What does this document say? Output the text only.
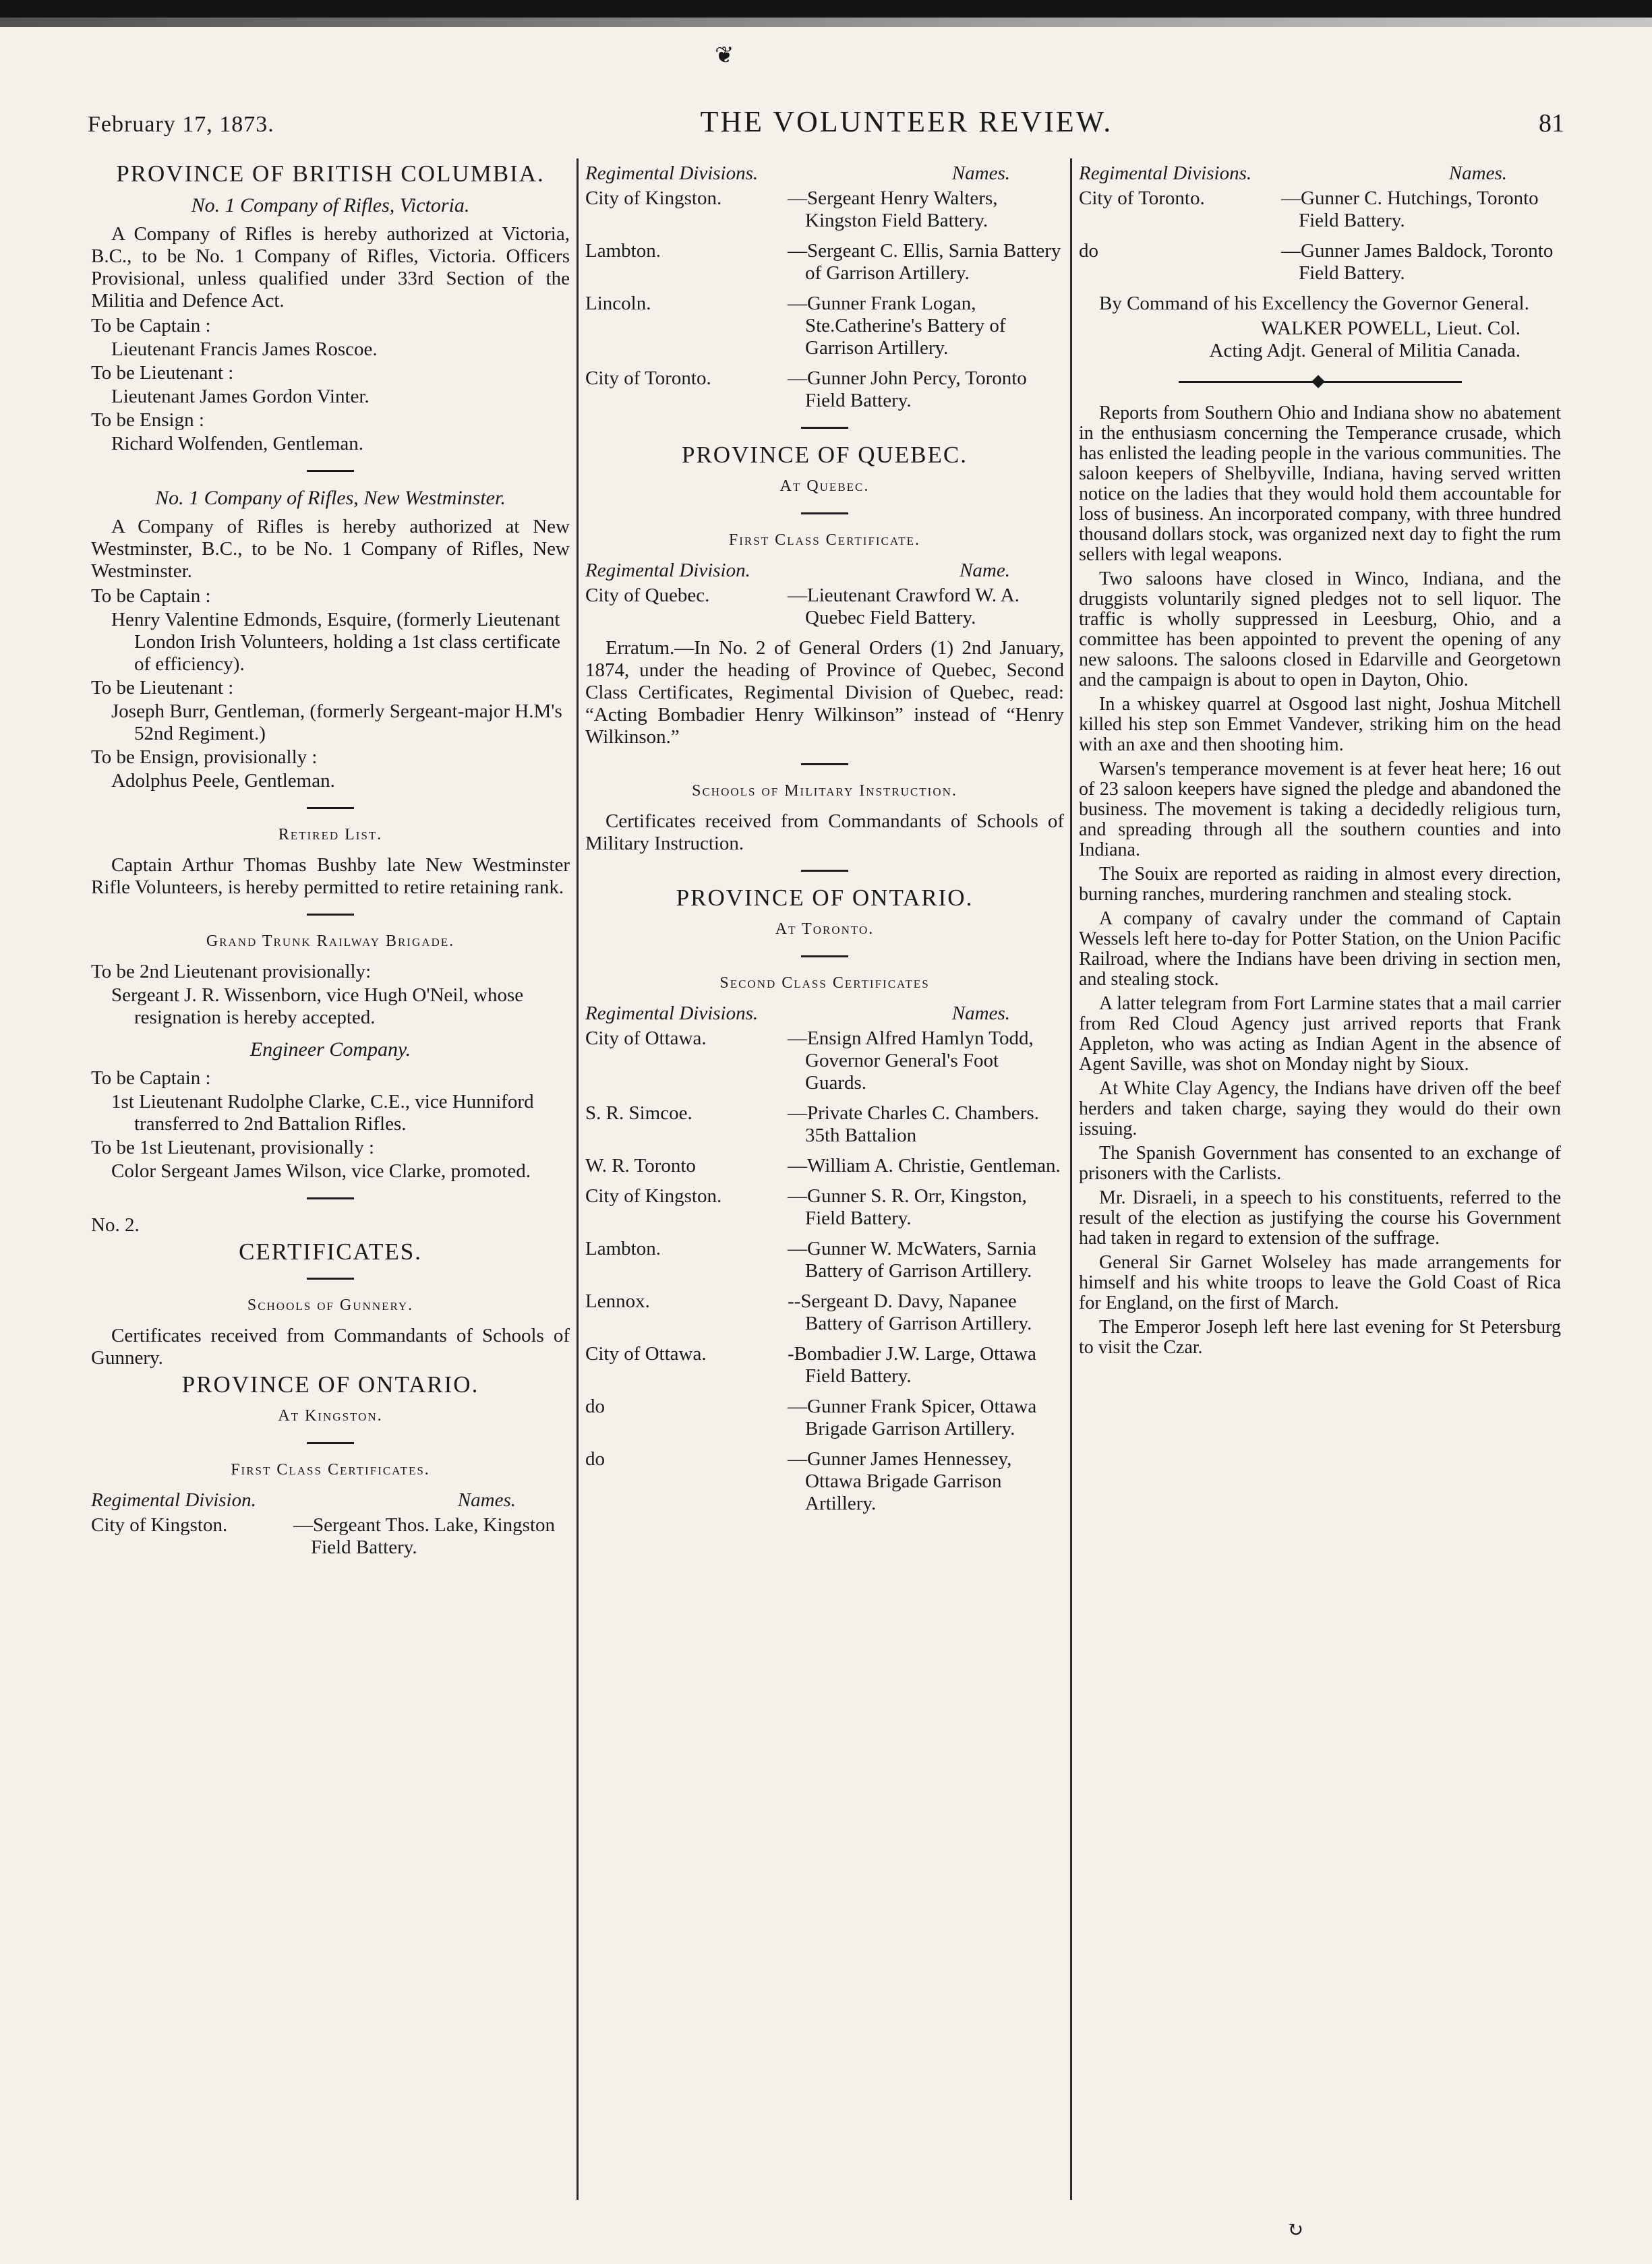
❦
February 17, 1873.	THE VOLUNTEER REVIEW.	81
PROVINCE OF BRITISH COLUMBIA.
No. 1 Company of Rifles, Victoria.
A Company of Rifles is hereby authorized at Victoria, B.C., to be No. 1 Company of Rifles, Victoria. Officers Provisional, unless qualified under 33rd Section of the Militia and Defence Act.
To be Captain :
Lieutenant Francis James Roscoe.
To be Lieutenant :
Lieutenant James Gordon Vinter.
To be Ensign :
Richard Wolfenden, Gentleman.
No. 1 Company of Rifles, New Westminster.
A Company of Rifles is hereby authorized at New Westminster, B.C., to be No. 1 Company of Rifles, New Westminster.
To be Captain :
Henry Valentine Edmonds, Esquire, (formerly Lieutenant London Irish Volunteers, holding a 1st class certificate of efficiency).
To be Lieutenant :
Joseph Burr, Gentleman, (formerly Sergeant-major H.M's 52nd Regiment.)
To be Ensign, provisionally :
Adolphus Peele, Gentleman.
Retired List.
Captain Arthur Thomas Bushby late New Westminster Rifle Volunteers, is hereby permitted to retire retaining rank.
Grand Trunk Railway Brigade.
To be 2nd Lieutenant provisionally:
Sergeant J. R. Wissenborn, vice Hugh O'Neil, whose resignation is hereby accepted.
Engineer Company.
To be Captain :
1st Lieutenant Rudolphe Clarke, C.E., vice Hunniford transferred to 2nd Battalion Rifles.
To be 1st Lieutenant, provisionally :
Color Sergeant James Wilson, vice Clarke, promoted.
No. 2.
CERTIFICATES.
Schools of Gunnery.
Certificates received from Commandants of Schools of Gunnery.
PROVINCE OF ONTARIO.
At Kingston.
First Class Certificates.
Regimental Division.	Names.
City of Kingston.	—Sergeant Thos. Lake, Kingston Field Battery.
Regimental Divisions.	Names.
City of Kingston.	—Sergeant Henry Walters, Kingston Field Battery.
Lambton.	—Sergeant C. Ellis, Sarnia Battery of Garrison Artillery.
Lincoln.	—Gunner Frank Logan, Ste.Catherine's Battery of Garrison Artillery.
City of Toronto.	—Gunner John Percy, Toronto Field Battery.
PROVINCE OF QUEBEC.
At Quebec.
First Class Certificate.
Regimental Division.	Name.
City of Quebec.	—Lieutenant Crawford W. A. Quebec Field Battery.
Erratum.—In No. 2 of General Orders (1) 2nd January, 1874, under the heading of Province of Quebec, Second Class Certificates, Regimental Division of Quebec, read: “Acting Bombadier Henry Wilkinson” instead of “Henry Wilkinson.”
Schools of Military Instruction.
Certificates received from Commandants of Schools of Military Instruction.
PROVINCE OF ONTARIO.
At Toronto.
Second Class Certificates
Regimental Divisions.	Names.
City of Ottawa.	—Ensign Alfred Hamlyn Todd, Governor General's Foot Guards.
S. R. Simcoe.	—Private Charles C. Chambers. 35th Battalion
W. R. Toronto	—William A. Christie, Gentleman.
City of Kingston.	—Gunner S. R. Orr, Kingston, Field Battery.
Lambton.	—Gunner W. McWaters, Sarnia Battery of Garrison Artillery.
Lennox.	--Sergeant D. Davy, Napanee Battery of Garrison Artillery.
City of Ottawa.	-Bombadier J.W. Large, Ottawa Field Battery.
do	—Gunner Frank Spicer, Ottawa Brigade Garrison Artillery.
do	—Gunner James Hennessey, Ottawa Brigade Garrison Artillery.
Regimental Divisions.	Names.
City of Toronto.	—Gunner C. Hutchings, Toronto Field Battery.
do	—Gunner James Baldock, Toronto Field Battery.
By Command of his Excellency the Governor General.
WALKER POWELL, Lieut. Col.
Acting Adjt. General of Militia Canada.
Reports from Southern Ohio and Indiana show no abatement in the enthusiasm concerning the Temperance crusade, which has enlisted the leading people in the various communities. The saloon keepers of Shelbyville, Indiana, having served written notice on the ladies that they would hold them accountable for loss of business. An incorporated company, with three hundred thousand dollars stock, was organized next day to fight the rum sellers with legal weapons.
Two saloons have closed in Winco, Indiana, and the druggists voluntarily signed pledges not to sell liquor. The traffic is wholly suppressed in Leesburg, Ohio, and a committee has been appointed to prevent the opening of any new saloons. The saloons closed in Edarville and Georgetown and the campaign is about to open in Dayton, Ohio.
In a whiskey quarrel at Osgood last night, Joshua Mitchell killed his step son Emmet Vandever, striking him on the head with an axe and then shooting him.
Warsen's temperance movement is at fever heat here; 16 out of 23 saloon keepers have signed the pledge and abandoned the business. The movement is taking a decidedly religious turn, and spreading through all the southern counties and into Indiana.
The Souix are reported as raiding in almost every direction, burning ranches, murdering ranchmen and stealing stock.
A company of cavalry under the command of Captain Wessels left here to-day for Potter Station, on the Union Pacific Railroad, where the Indians have been driving in section men, and stealing stock.
A latter telegram from Fort Larmine states that a mail carrier from Red Cloud Agency just arrived reports that Frank Appleton, who was acting as Indian Agent in the absence of Agent Saville, was shot on Monday night by Sioux.
At White Clay Agency, the Indians have driven off the beef herders and taken charge, saying they would do their own issuing.
The Spanish Government has consented to an exchange of prisoners with the Carlists.
Mr. Disraeli, in a speech to his constituents, referred to the result of the election as justifying the course his Government had taken in regard to extension of the suffrage.
General Sir Garnet Wolseley has made arrangements for himself and his white troops to leave the Gold Coast of Rica for England, on the first of March.
The Emperor Joseph left here last evening for St Petersburg to visit the Czar.
↻
